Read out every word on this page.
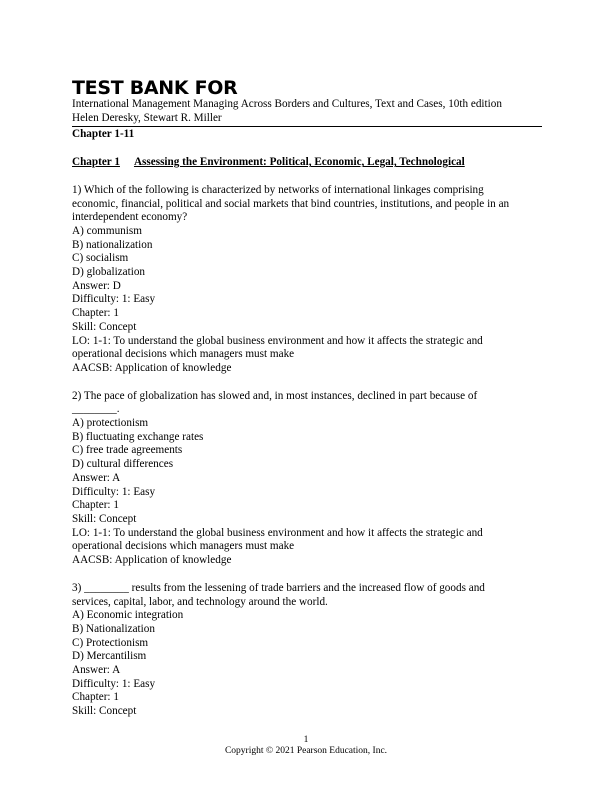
TEST BANK FOR
International Management Managing Across Borders and Cultures, Text and Cases, 10th edition
Helen Deresky, Stewart R. Miller
Chapter 1-11
Chapter 1 Assessing the Environment: Political, Economic, Legal, Technological
1) Which of the following is characterized by networks of international linkages comprising
economic, financial, political and social markets that bind countries, institutions, and people in an
interdependent economy?
A) communism
B) nationalization
C) socialism
D) globalization
Answer: D
Difficulty: 1: Easy
Chapter: 1
Skill: Concept
LO: 1-1: To understand the global business environment and how it affects the strategic and
operational decisions which managers must make
AACSB: Application of knowledge
2) The pace of globalization has slowed and, in most instances, declined in part because of
________.
A) protectionism
B) fluctuating exchange rates
C) free trade agreements
D) cultural differences
Answer: A
Difficulty: 1: Easy
Chapter: 1
Skill: Concept
LO: 1-1: To understand the global business environment and how it affects the strategic and
operational decisions which managers must make
AACSB: Application of knowledge
3) ________ results from the lessening of trade barriers and the increased flow of goods and
services, capital, labor, and technology around the world.
A) Economic integration
B) Nationalization
C) Protectionism
D) Mercantilism
Answer: A
Difficulty: 1: Easy
Chapter: 1
Skill: Concept
1
Copyright © 2021 Pearson Education, Inc.
